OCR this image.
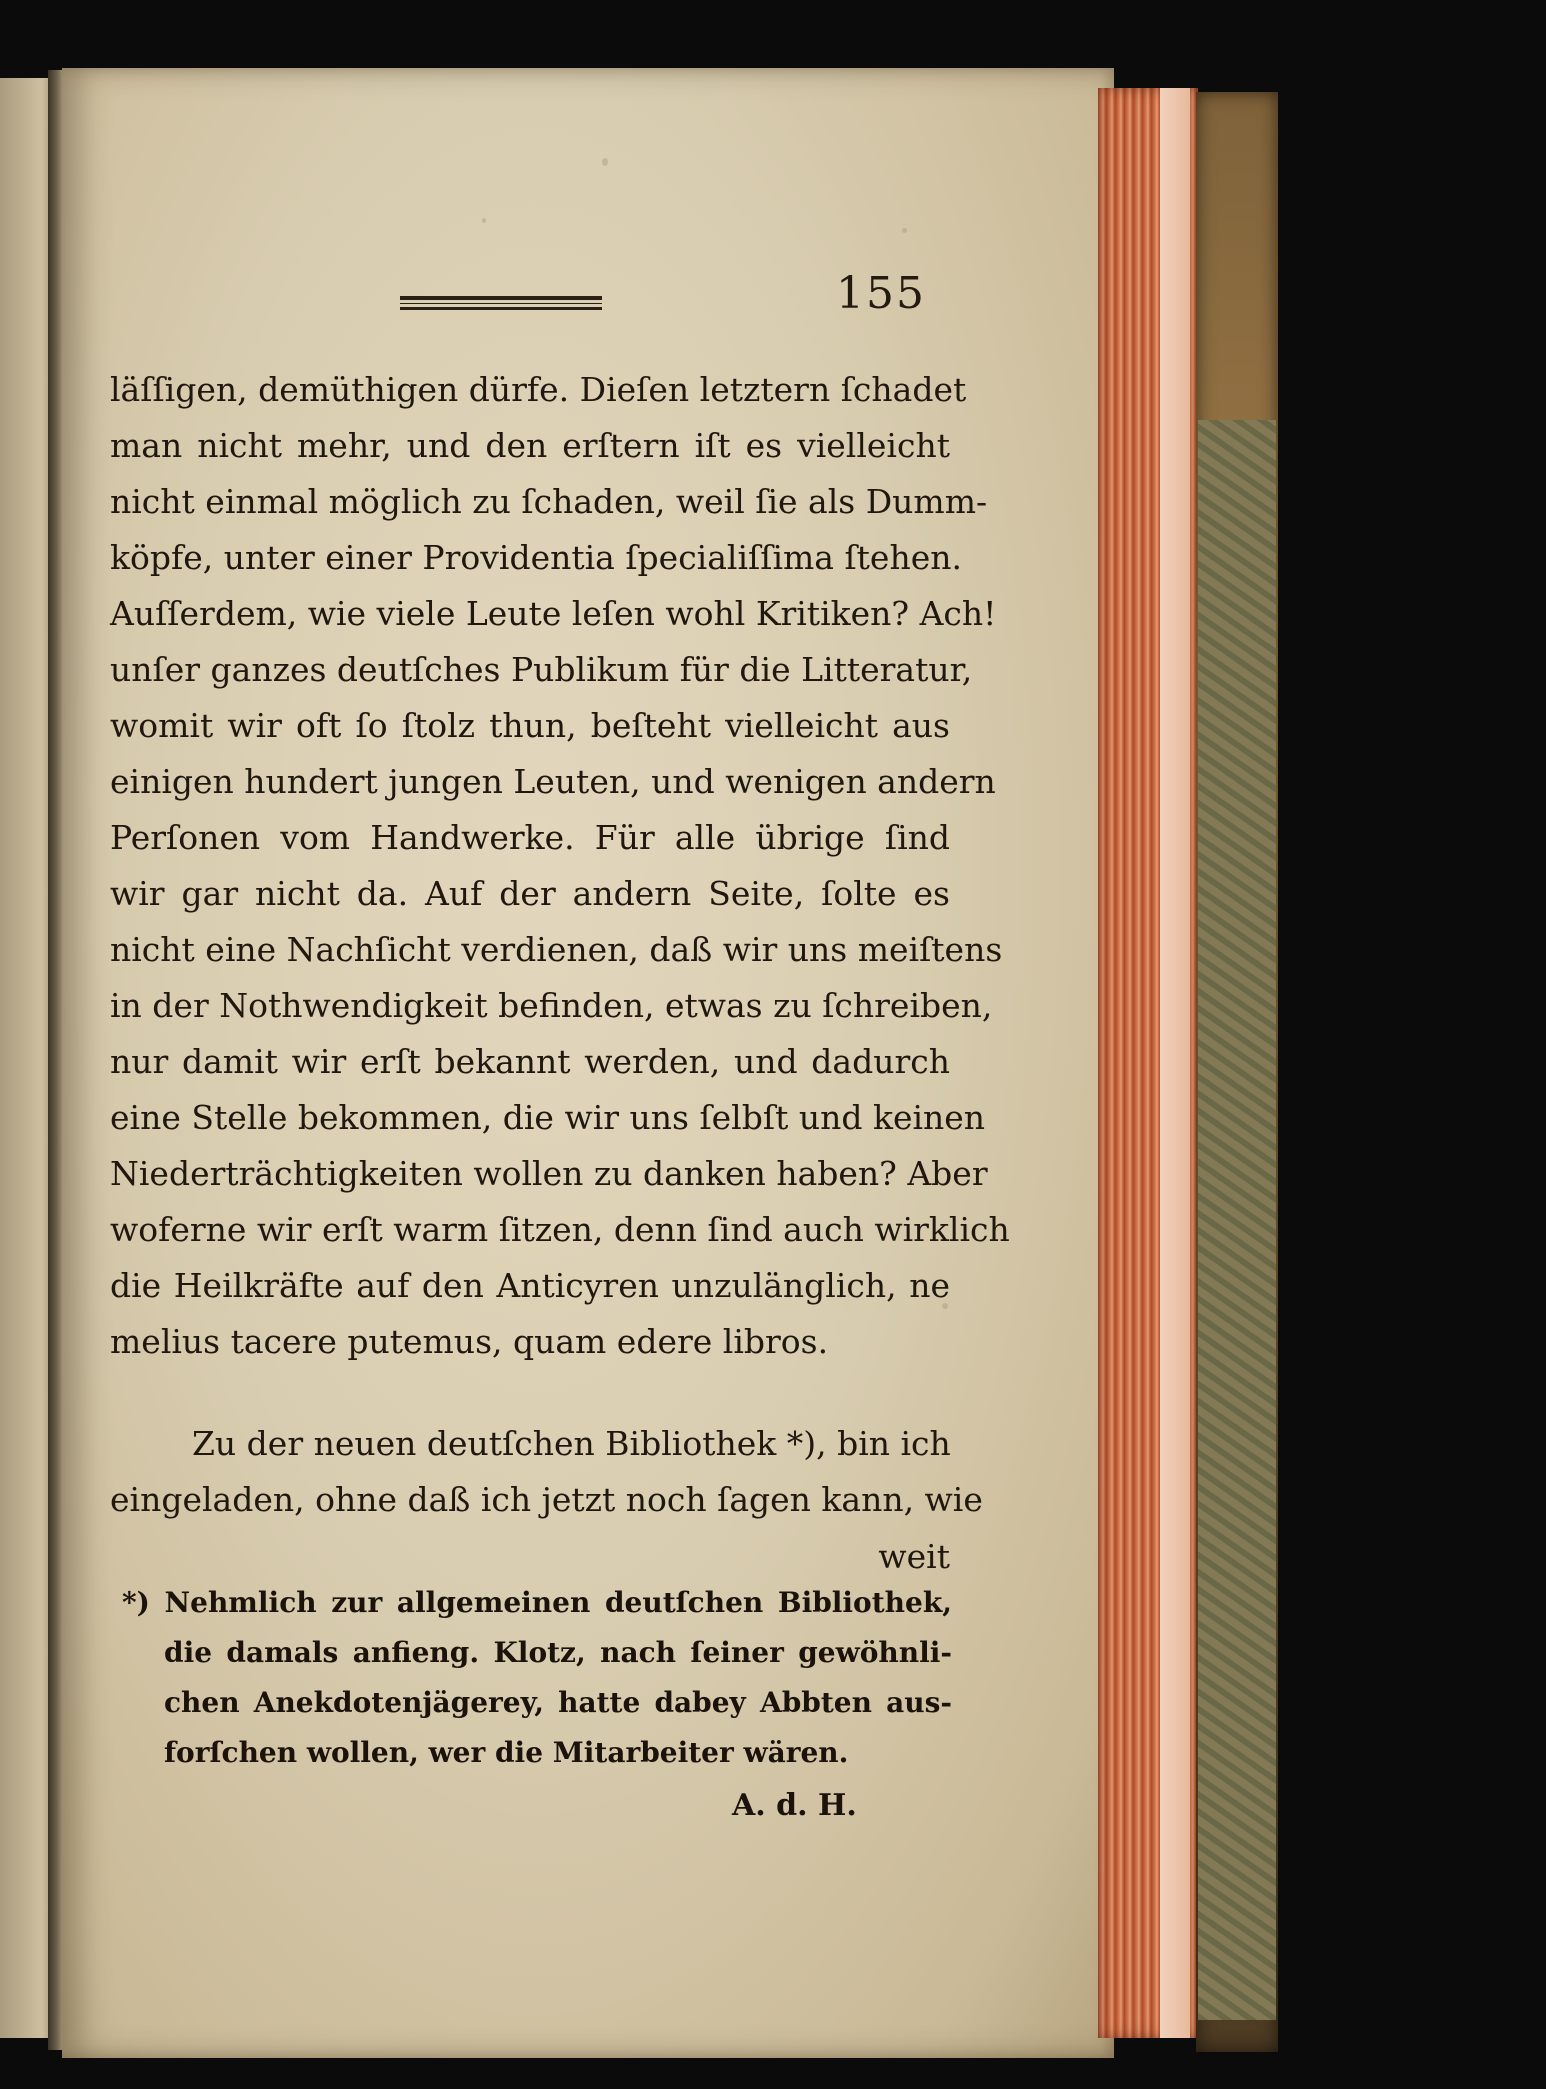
155
läſſigen, demüthigen dürfe. Dieſen letztern ſchadet
man nicht mehr, und den erſtern iſt es vielleicht
nicht einmal möglich zu ſchaden, weil ſie als Dumm-
köpfe, unter einer Providentia ſpecialiſſima ſtehen.
Auſſerdem, wie viele Leute leſen wohl Kritiken? Ach!
unſer ganzes deutſches Publikum für die Litteratur,
womit wir oft ſo ſtolz thun, beſteht vielleicht aus
einigen hundert jungen Leuten, und wenigen andern
Perſonen vom Handwerke. Für alle übrige ſind
wir gar nicht da. Auf der andern Seite, ſolte es
nicht eine Nachſicht verdienen, daß wir uns meiſtens
in der Nothwendigkeit befinden, etwas zu ſchreiben,
nur damit wir erſt bekannt werden, und dadurch
eine Stelle bekommen, die wir uns ſelbſt und keinen
Niederträchtigkeiten wollen zu danken haben? Aber
woferne wir erſt warm ſitzen, denn ſind auch wirklich
die Heilkräfte auf den Anticyren unzulänglich, ne
melius tacere putemus, quam edere libros.
Zu der neuen deutſchen Bibliothek *), bin ich
eingeladen, ohne daß ich jetzt noch ſagen kann, wie
weit
*) Nehmlich zur allgemeinen deutſchen Bibliothek,
die damals anfieng. Klotz, nach ſeiner gewöhnli-
chen Anekdotenjägerey, hatte dabey Abbten aus-
forſchen wollen, wer die Mitarbeiter wären.
A. d. H.
